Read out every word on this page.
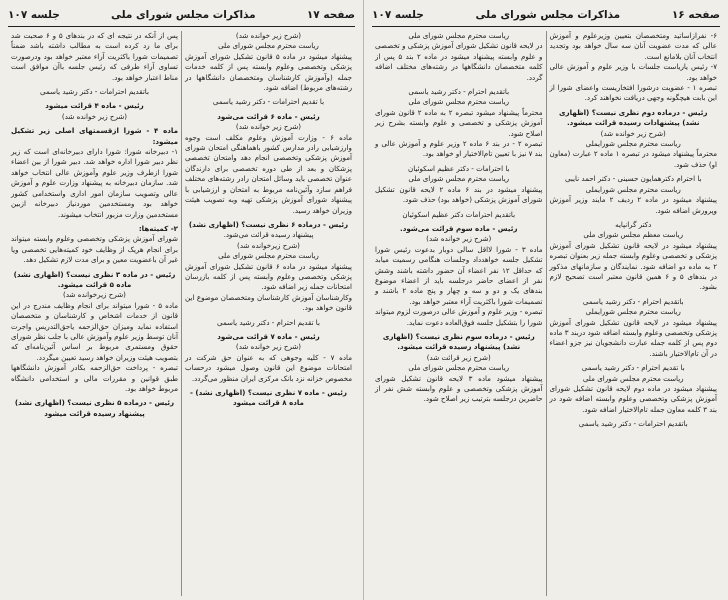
صفحه ۱۷
مذاکرات مجلس شورای ملی
جلسه ۱۰۷

(شرح زیر خوانده شد)

ریاست محترم مجلس شورای ملی

پیشنهاد میشود در ماده ۵ قانون تشکیل شورای آموزش پزشکی وتخصصی وعلوم وابسته پس از کلمه خدمات جمله (وآموزش کارشناسان ومتخصصان دانشگاهها در رشته‌های مربوط) اضافه شود.

با تقدیم احترامات - دکتر رشید یاسمی

رئیس - ماده ۶ قرائت می‌شود

(شرح زیر خوانده شد)

ماده ۶ - وزارت آموزش وعلوم مکلف است وجوه وارزشیابی رادر مدارس کشور باهماهنگی امتحان شورای آموزش پزشکی وتخصصی انجام دهد وامتحان تخصصی پزشکان و بعد از طی دوره تخصصی برای دارندگان عنوان تخصصی باید وسائل امتحان رادر رشته‌های مختلف فراهم سازد وآئین‌نامه مربوط به امتحان و ارزشیابی با پیشنهاد شورای آموزش پزشکی تهیه وبه تصویب هیئت وزیران خواهد رسید.

رئیس - درماده ۶ نظری نیست؟ (اظهاری نشد)

پیشنهاد رسیده قرائت می‌شود.

(شرح زیرخوانده شد)

ریاست محترم مجلس شورای ملی

پیشنهاد میشود در ماده ۶ قانون تشکیل شورای آموزش پزشکی وتخصصی وعلوم وابسته پس از کلمه بازرسان امتحانات جمله زیر اضافه شود.

وکارشناسان آموزش کارشناسان ومتخصصان موضوع این قانون خواهد بود.

با تقدیم احترام - دکتر رشید یاسمی

رئیس - ماده ۷ قرائت می‌شود

(شرح زیر خوانده شد)

ماده ۷ - کلیه وجوهی که به عنوان حق شرکت در امتحانات موضوع این قانون وصول میشود درحساب مخصوص خزانه نزد بانک مرکزی ایران منظور می‌گردد.

رئیس - ماده ۷ نظری نیست؟ (اظهاری نشد) - ماده ۸ قرائت میشود

پس از آنکه در نتیجه ای که در بندهای ۵ و ۶ صحبت شد برای ما رد کرده است به مطالب داشته باشد ضمناً تصمیمات شورا باکثریت آراء معتبر خواهد بود ودرصورت تساوی آراء طرفی که رئیس جلسه باآن موافق است مناط اعتبار خواهد بود.

باتقدیم احترامات - دکتر رشید یاسمی

رئیس - ماده ۴ قرائت میشود

(شرح زیر خوانده شد)

ماده ۴ - شورا ازقسمتهای اصلی زیر تشکیل میشود:

۱- دبیرخانه شورا: شورا دارای دبیرخانه‌ای است که زیر نظر دبیر شورا اداره خواهد شد. دبیر شورا از بین اعضاء شورا ازطرف وزیر علوم وآموزش عالی انتخاب خواهد شد. سازمان دبیرخانه به پیشنهاد وزارت علوم و آموزش عالی وتصویب سازمان امور اداری واستخدامی کشور خواهد بود ومستخدمین موردنیاز دبیرخانه ازبین مستخدمین وزارت مزبور انتخاب میشوند.

۲- کمیته‌ها:

شورای آموزش پزشکی وتخصصی وعلوم وابسته میتواند برای انجام هریک از وظایف خود کمیته‌هایی تخصصی ویا غیر آن باعضویت معین و برای مدت لازم تشکیل دهد.

رئیس - در ماده ۳ نظری نیست؟ (اظهاری نشد) ماده ۵ قرائت میشود.

(شرح زیرخوانده شد)

ماده ۵ - شورا میتواند برای انجام وظایف مندرج در این قانون از خدمات اشخاص و کارشناسان و متخصصان استفاده نماید ومیزان حق‌الزحمه یاحق‌التدریس واجرت آنان توسط وزیر علوم وآموزش عالی با جلب نظر شورای حقوق ومستمری مربوط بر اساس آئین‌نامه‌ای که بتصویب هیئت وزیران خواهد رسید تعیین میگردد.

تبصره - پرداخت حق‌الزحمه بکادر آموزش دانشگاهها طبق قوانین و مقررات مالی و استخدامی دانشگاه مربوط خواهد بود.

رئیس - درماده ۵ نظری نیست؟ (اظهاری نشد) پیشنهاد رسیده قرائت میشود

صفحه ۱۶
مذاکرات مجلس شورای ملی
جلسه ۱۰۷

۶- نفرازاساتید ومتخصصان بتعیین وزیرعلوم و آموزش عالی که مدت عضویت آنان سه سال خواهد بود وتجدید انتخاب آنان بلامانع است.

۷- رئیس یاریاست جلسات با وزیر علوم و آموزش عالی خواهد بود.

تبصره ۱ - عضویت درشورا افتخاریست واعضای شورا از این بابت هیچگونه وجهی دریافت نخواهند کرد.

رئیس - درماده دوم نظری نیست؟ (اظهاری نشد) پیشنهادات رسیده قرائت میشود.

(شرح زیر خوانده شد)

ریاست محترم مجلس شورایملی

محترماً پیشنهاد میشود در تبصره ۱ ماده ۲ عبارت (معاون او) حذف شود.

با احترام دکترهمایون حسینی - دکتر احمد نایبی

ریاست محترم مجلس شورایملی

پیشنهاد میشود در ماده ۲ ردیف ۲ مایند وزیر آموزش وپرورش اضافه شود.

دکتر گرانپایه

ریاست معظم مجلس شورای ملی

پیشنهاد میشود در لایحه قانون تشکیل شورای آموزش پزشکی و تخصصی وعلوم وابسته جمله زیر بعنوان تبصره ۲ به ماده دو اضافه شود. نمایندگان و سازمانهای مذکور در بندهای ۵ و ۶ همین قانون معتبر است تصحیح لازم بشود.

باتقدیم احترام - دکتر رشید یاسمی

ریاست محترم مجلس شورایملی

پیشنهاد میشود در لایحه قانون تشکیل شورای آموزش پزشکی وتخصصی وعلوم وابسته اضافه شود دربند ۳ ماده دوم پس از کلمه جمله عبارت دانشجویان نیز جزو اعضاء در آن تام‌الاختیار باشند.

با تقدیم احترام - دکتر رشید یاسمی

ریاست محترم مجلس شورای ملی

پیشنهاد میشود در ماده دوم لایحه قانون تشکیل شورای آموزش پزشکی وتخصصی وعلوم وابسته اضافه شود در بند ۳ کلمه معاون جمله تام‌الاختیار اضافه شود.

باتقدیم احترامات - دکتر رشید یاسمی

ریاست محترم مجلس شورای ملی

در لایحه قانون تشکیل شورای آموزش پزشکی و تخصصی و علوم وابسته پیشنهاد میشود در ماده ۲ بند ۵ پس از کلمه متخصصان دانشگاهها در رشته‌های مختلف اضافه گردد.

باتقدیم احترام - دکتر رشید یاسمی

ریاست محترم مجلس شورای ملی

محترماً پیشنهاد میشود تبصره ۲ به ماده ۲ قانون شورای آموزش پزشکی و تخصصی و علوم وابسته بشرح زیر اصلاح شود.

تبصره ۲ - در بند ۶ ماده ۲ وزیر علوم و آموزش عالی و بند ۷ نیز با تعیین تام‌الاختیار او خواهد بود.

با احترامات - دکتر عظیم اسکوئیان

ریاست محترم مجلس شورای ملی

پیشنهاد میشود در بند ۶ ماده ۲ لایحه قانون تشکیل شورای آموزش پزشکی (خواهد بود) حذف شود.

باتقدیم احترامات دکتر عظیم اسکوئیان

رئیس - ماده سوم قرائت می‌شود.

(شرح زیر خوانده شد)

ماده ۳ - شورا لااقل سالی دوبار بدعوت رئیس شورا تشکیل جلسه خواهدداد وجلسات هنگامی رسمیت میابد که حداقل ۱۲ نفر اعضاء آن حضور داشته باشند وشش نفر از اعضای حاضر درجلسه باید از اعضاء موضوع بندهای یک و دو و سه و چهار و پنج ماده ۲ باشند و تصمیمات شورا باکثریت آراء معتبر خواهد بود.

تبصره - وزیر علوم و آموزش عالی درصورت لزوم میتواند شورا را بتشکیل جلسه فوق‌العاده دعوت نماید.

رئیس - درماده سوم نظری نیست؟ (اظهاری نشد) پیشنهاد رسیده قرائت میشود.

(شرح زیر قرائت شد)

ریاست محترم مجلس شورای ملی

پیشنهاد میشود ماده ۳ لایحه قانون تشکیل شورای آموزش پزشکی وتخصصی و علوم وابسته شش نفر از حاضرین درجلسه بترتیب زیر اصلاح شود.
